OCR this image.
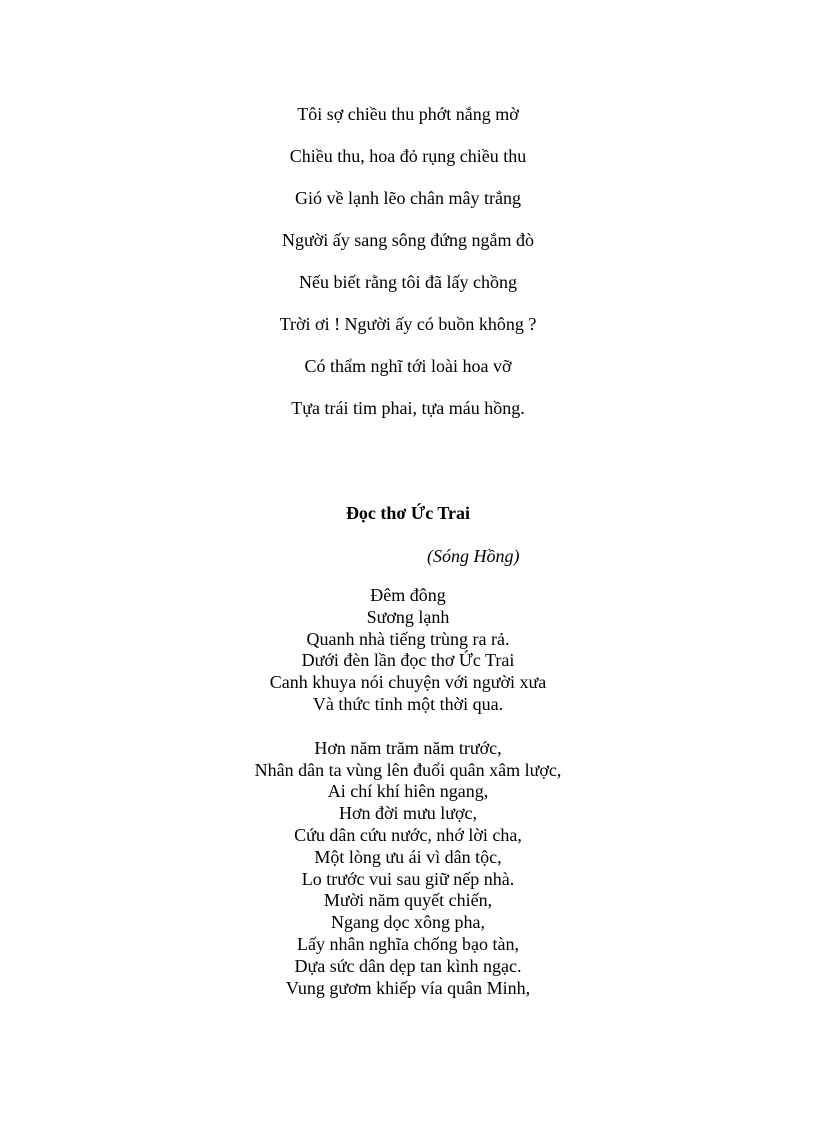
Tôi sợ chiều thu phớt nắng mờ
Chiều thu, hoa đỏ rụng chiều thu
Gió về lạnh lẽo chân mây trắng
Người ấy sang sông đứng ngắm đò
Nếu biết rằng tôi đã lấy chồng
Trời ơi ! Người ấy có buồn không ?
Có thẩm nghĩ tới loài hoa vỡ
Tựa trái tim phai, tựa máu hồng.
Đọc thơ Ức Trai
(Sóng Hồng)
Đêm đông
Sương lạnh
Quanh nhà tiếng trùng ra rả.
Dưới đèn lần đọc thơ Ức Trai
Canh khuya nói chuyện với người xưa
Và thức tỉnh một thời qua.
Hơn năm trăm năm trước,
Nhân dân ta vùng lên đuổi quân xâm lược,
Ai chí khí hiên ngang,
Hơn đời mưu lược,
Cứu dân cứu nước, nhớ lời cha,
Một lòng ưu ái vì dân tộc,
Lo trước vui sau giữ nếp nhà.
Mười năm quyết chiến,
Ngang dọc xông pha,
Lấy nhân nghĩa chống bạo tàn,
Dựa sức dân dẹp tan kình ngạc.
Vung gươm khiếp vía quân Minh,
